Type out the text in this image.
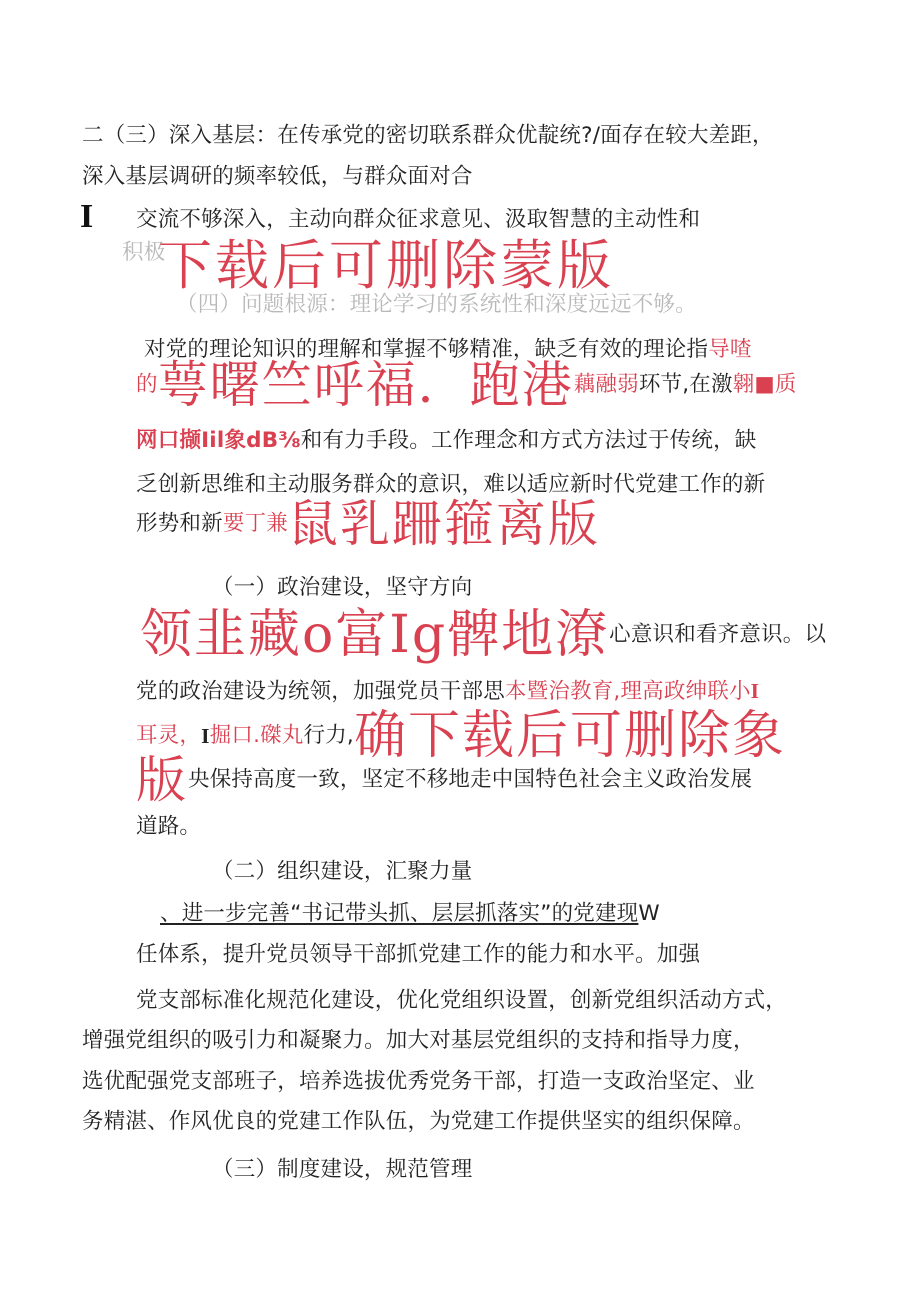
二（三）深入基层：在传承党的密切联系群众优靛统?/面存在较大差距，
深入基层调研的频率较低，与群众面对合
I 交流不够深入，主动向群众征求意见、汲取智慧的主动性和
积极
下载后可删除蒙版
（四）问题根源：理论学习的系统性和深度远远不够。
对党的理论知识的理解和掌握不够精准，缺乏有效的理论指导喳
的萼曙竺呼福．跑港藕融弱环节,在激翱■质
网口撷Iil象dB⅜和有力手段。工作理念和方式方法过于传统，缺
乏创新思维和主动服务群众的意识，难以适应新时代党建工作的新
形势和新要丁兼鼠乳跚箍离版
（一）政治建设，坚守方向
领韭藏o富Ig髀地潦心意识和看齐意识。以
党的政治建设为统领，加强党员干部思本暨治教育,理高政绅联小I
耳灵，I掘口.磔丸行力,确下载后可删除象
版央保持高度一致，坚定不移地走中国特色社会主义政治发展
道路。
（二）组织建设，汇聚力量
、进一步完善“书记带头抓、层层抓落实”的党建现W
任体系，提升党员领导干部抓党建工作的能力和水平。加强
党支部标准化规范化建设，优化党组织设置，创新党组织活动方式，
增强党组织的吸引力和凝聚力。加大对基层党组织的支持和指导力度，
选优配强党支部班子，培养选拔优秀党务干部，打造一支政治坚定、业
务精湛、作风优良的党建工作队伍，为党建工作提供坚实的组织保障。
（三）制度建设，规范管理
